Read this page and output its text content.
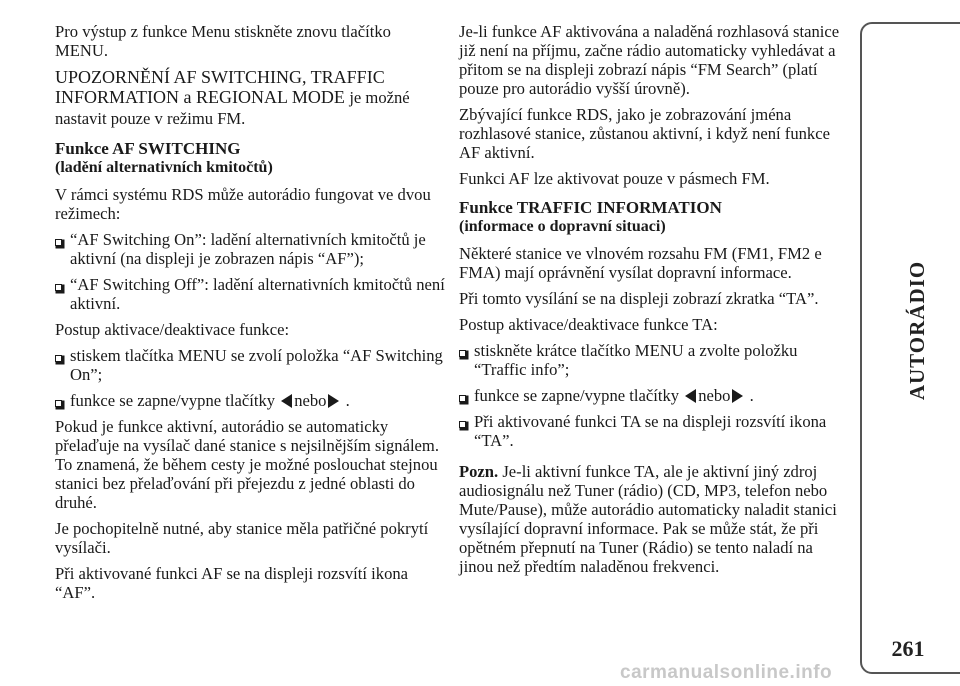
Pro výstup z funkce Menu stiskněte znovu tlačítko MENU.

UPOZORNĚNÍ AF SWITCHING, TRAFFIC INFORMATION a REGIONAL MODE je možné nastavit pouze v režimu FM.

Funkce AF SWITCHING
(ladění alternativních kmitočtů)

V rámci systému RDS může autorádio fungovat ve dvou režimech:

“AF Switching On”: ladění alternativních kmitočtů je aktivní (na displeji je zobrazen nápis “AF”);
“AF Switching Off”: ladění alternativních kmitočtů není aktivní.

Postup aktivace/deaktivace funkce:

stiskem tlačítka MENU se zvolí položka “AF Switching On”;
funkce se zapne/vypne tlačítky nebo .

Pokud je funkce aktivní, autorádio se automaticky přelaďuje na vysílač dané stanice s nejsilnějším signálem. To znamená, že během cesty je možné poslouchat stejnou stanici bez přelaďování při přejezdu z jedné oblasti do druhé.

Je pochopitelně nutné, aby stanice měla patřičné pokrytí vysílači.

Při aktivované funkci AF se na displeji rozsvítí ikona “AF”.

Je-li funkce AF aktivována a naladěná rozhlasová stanice již není na příjmu, začne rádio automaticky vyhledávat a přitom se na displeji zobrazí nápis “FM Search” (platí pouze pro autorádio vyšší úrovně).

Zbývající funkce RDS, jako je zobrazování jména rozhlasové stanice, zůstanou aktivní, i když není funkce AF aktivní.

Funkci AF lze aktivovat pouze v pásmech FM.

Funkce TRAFFIC INFORMATION
(informace o dopravní situaci)

Některé stanice ve vlnovém rozsahu FM (FM1, FM2 e FMA) mají oprávnění vysílat dopravní informace.

Při tomto vysílání se na displeji zobrazí zkratka “TA”.

Postup aktivace/deaktivace funkce TA:

stiskněte krátce tlačítko MENU a zvolte položku “Traffic info”;
funkce se zapne/vypne tlačítky nebo .
Při aktivované funkci TA se na displeji rozsvítí ikona “TA”.

Pozn. Je-li aktivní funkce TA, ale je aktivní jiný zdroj audiosignálu než Tuner (rádio) (CD, MP3, telefon nebo Mute/Pause), může autorádio automaticky naladit stanici vysílající dopravní informace. Pak se může stát, že při opětném přepnutí na Tuner (Rádio) se tento naladí na jinou než předtím naladěnou frekvenci.

AUTORÁDIO
261
carmanualsonline.info
